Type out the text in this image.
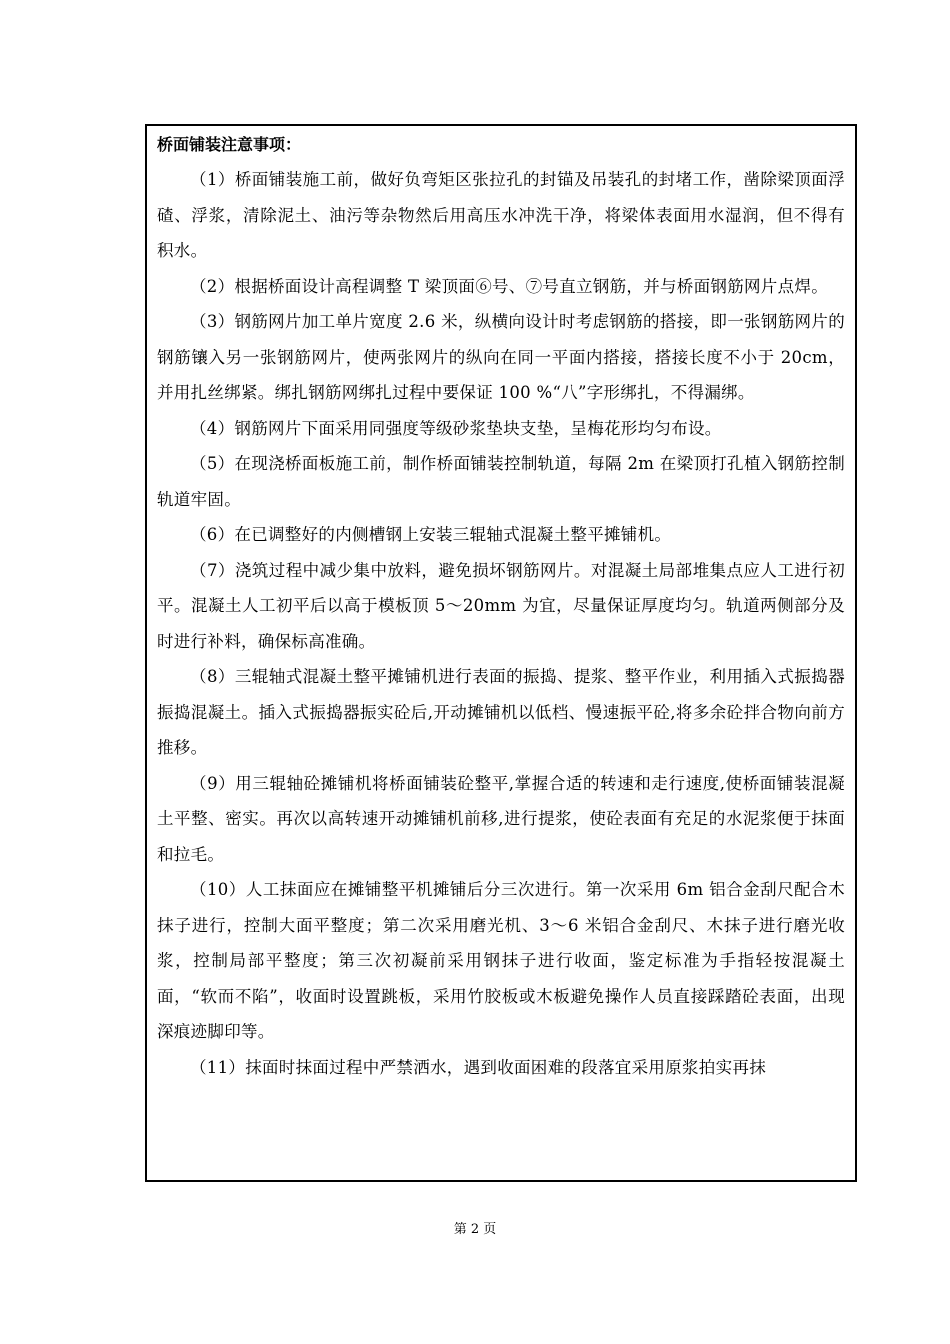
桥面铺装注意事项：

（1）桥面铺装施工前，做好负弯矩区张拉孔的封锚及吊装孔的封堵工作，凿除梁顶面浮碴、浮浆，清除泥土、油污等杂物然后用高压水冲洗干净，将梁体表面用水湿润，但不得有积水。

（2）根据桥面设计高程调整 T 梁顶面⑥号、⑦号直立钢筋，并与桥面钢筋网片点焊。

（3）钢筋网片加工单片宽度 2.6 米，纵横向设计时考虑钢筋的搭接，即一张钢筋网片的钢筋镶入另一张钢筋网片，使两张网片的纵向在同一平面内搭接，搭接长度不小于 20cm，并用扎丝绑紧。绑扎钢筋网绑扎过程中要保证 100 %“八”字形绑扎，不得漏绑。

（4）钢筋网片下面采用同强度等级砂浆垫块支垫，呈梅花形均匀布设。

（5）在现浇桥面板施工前，制作桥面铺装控制轨道，每隔 2m 在梁顶打孔植入钢筋控制轨道牢固。

（6）在已调整好的内侧槽钢上安装三辊轴式混凝土整平摊铺机。

（7）浇筑过程中减少集中放料，避免损坏钢筋网片。对混凝土局部堆集点应人工进行初平。混凝土人工初平后以高于模板顶 5～20mm 为宜，尽量保证厚度均匀。轨道两侧部分及时进行补料，确保标高准确。

（8）三辊轴式混凝土整平摊铺机进行表面的振捣、提浆、整平作业，利用插入式振捣器振捣混凝土。插入式振捣器振实砼后,开动摊铺机以低档、慢速振平砼,将多余砼拌合物向前方推移。

（9）用三辊轴砼摊铺机将桥面铺装砼整平,掌握合适的转速和走行速度,使桥面铺装混凝土平整、密实。再次以高转速开动摊铺机前移,进行提浆，使砼表面有充足的水泥浆便于抹面和拉毛。

（10）人工抹面应在摊铺整平机摊铺后分三次进行。第一次采用 6m 铝合金刮尺配合木抹子进行，控制大面平整度；第二次采用磨光机、3～6 米铝合金刮尺、木抹子进行磨光收浆，控制局部平整度；第三次初凝前采用钢抹子进行收面，鉴定标准为手指轻按混凝土面，“软而不陷”，收面时设置跳板，采用竹胶板或木板避免操作人员直接踩踏砼表面，出现深痕迹脚印等。

（11）抹面时抹面过程中严禁洒水，遇到收面困难的段落宜采用原浆拍实再抹

第 2 页
